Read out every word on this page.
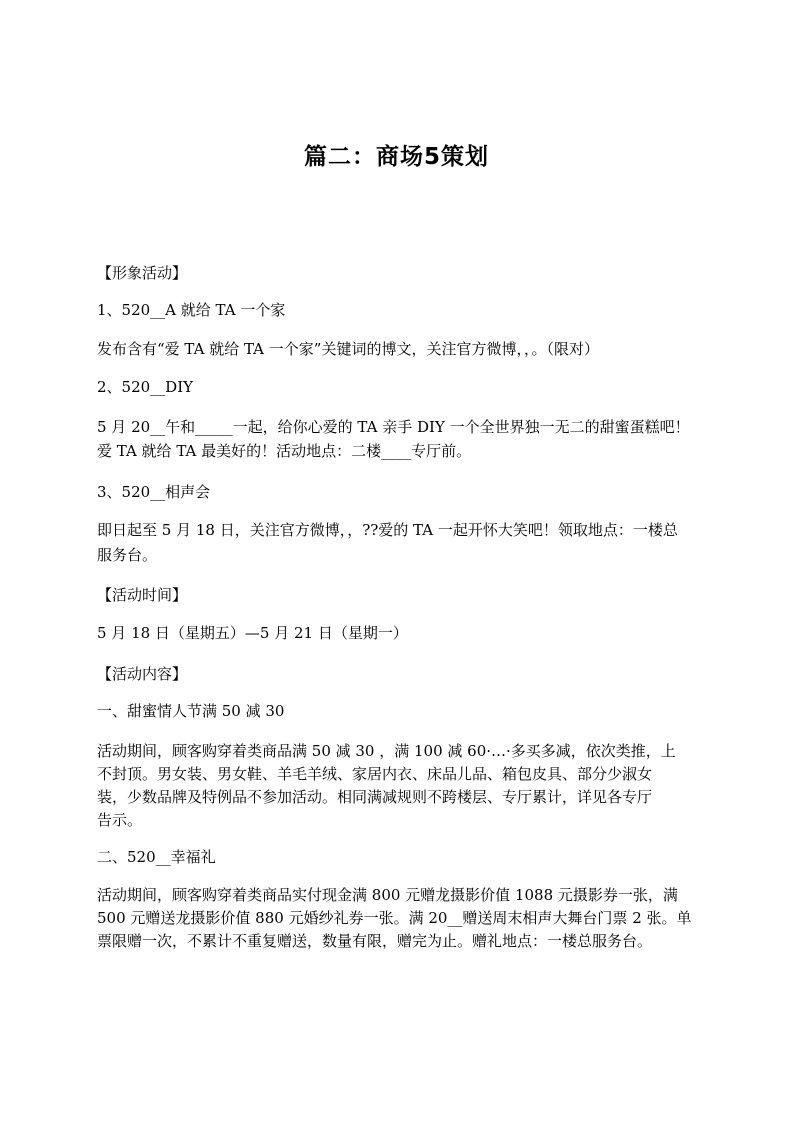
篇二：商场5策划
【形象活动】
1、520__A 就给 TA 一个家
发布含有“爱 TA 就给 TA 一个家”关键词的博文，关注官方微博，，。（限对）
2、520__DIY
5 月 20__午和_____一起，给你心爱的 TA 亲手 DIY 一个全世界独一无二的甜蜜蛋糕吧！
爱 TA 就给 TA 最美好的！活动地点：二楼____专厅前。
3、520__相声会
即日起至 5 月 18 日，关注官方微博，，??爱的 TA 一起开怀大笑吧！领取地点：一楼总
服务台。
【活动时间】
5 月 18 日（星期五）—5 月 21 日（星期一）
【活动内容】
一、甜蜜情人节满 50 减 30
活动期间，顾客购穿着类商品满 50 减 30 ，满 100 减 60·…·多买多减，依次类推，上
不封顶。男女装、男女鞋、羊毛羊绒、家居内衣、床品儿品、箱包皮具、部分少淑女
装，少数品牌及特例品不参加活动。相同满减规则不跨楼层、专厅累计，详见各专厅
告示。
二、520__幸福礼
活动期间，顾客购穿着类商品实付现金满 800 元赠龙摄影价值 1088 元摄影券一张，满
500 元赠送龙摄影价值 880 元婚纱礼券一张。满 20__赠送周末相声大舞台门票 2 张。单
票限赠一次，不累计不重复赠送，数量有限，赠完为止。赠礼地点：一楼总服务台。
